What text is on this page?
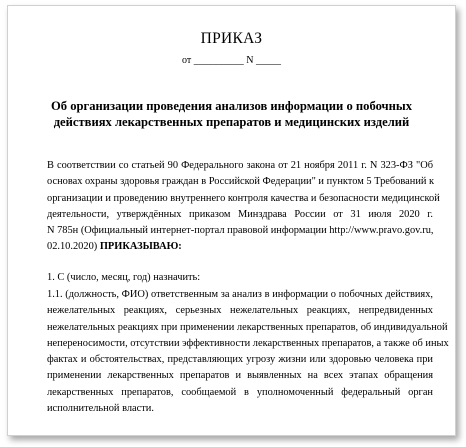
ПРИКАЗ
от __________ N _____
Об организации проведения анализов информации о побочных
действиях лекарственных препаратов и медицинских изделий
В соответствии со статьей 90 Федерального закона от 21 ноября 2011 г. N 323-ФЗ "Об
основах охраны здоровья граждан в Российской Федерации" и пунктом 5 Требований к
организации и проведению внутреннего контроля качества и безопасности медицинской
деятельности, утверждённых приказом Минздрава России от 31 июля 2020 г.
N 785н (Официальный интернет-портал правовой информации http://www.pravo.gov.ru,
02.10.2020) ПРИКАЗЫВАЮ:
1. С (число, месяц, год) назначить:
1.1. (должность, ФИО) ответственным за анализ в информации о побочных действиях,
нежелательных реакциях, серьезных нежелательных реакциях, непредвиденных
нежелательных реакциях при применении лекарственных препаратов, об индивидуальной
непереносимости, отсутствии эффективности лекарственных препаратов, а также об иных
фактах и обстоятельствах, представляющих угрозу жизни или здоровью человека при
применении лекарственных препаратов и выявленных на всех этапах обращения
лекарственных препаратов, сообщаемой в уполномоченный федеральный орган
исполнительной власти.
